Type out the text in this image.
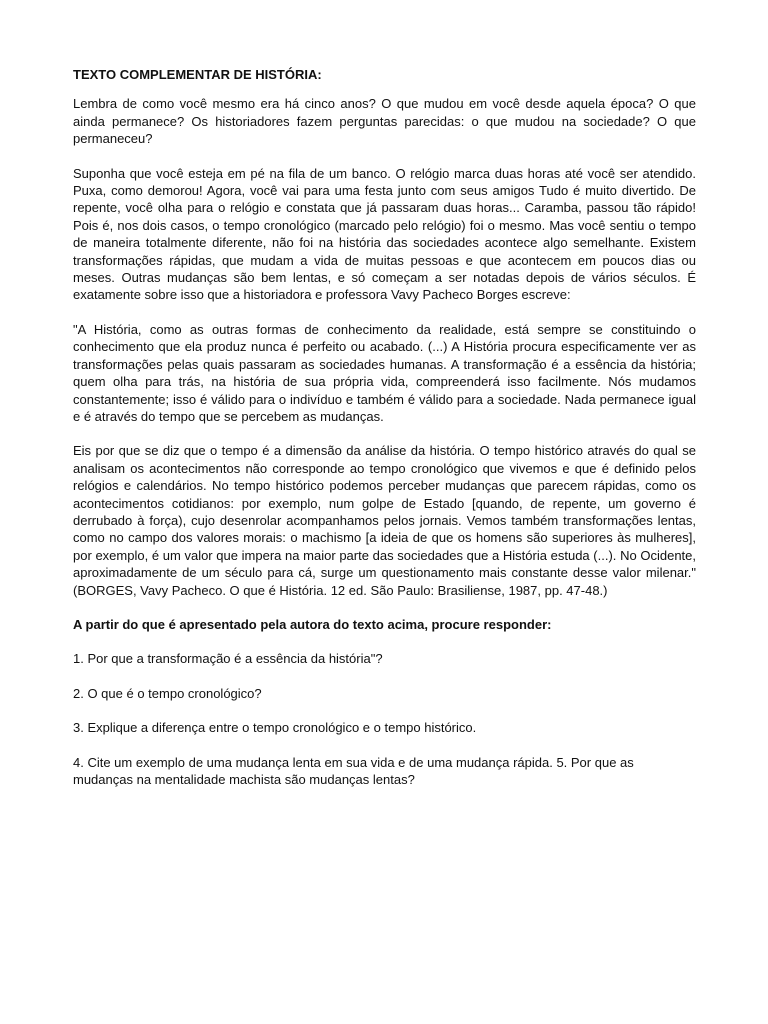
TEXTO COMPLEMENTAR DE HISTÓRIA:

Lembra de como você mesmo era há cinco anos? O que mudou em você desde aquela época? O que ainda permanece? Os historiadores fazem perguntas parecidas: o que mudou na sociedade? O que permaneceu?

Suponha que você esteja em pé na fila de um banco. O relógio marca duas horas até você ser atendido. Puxa, como demorou! Agora, você vai para uma festa junto com seus amigos Tudo é muito divertido. De repente, você olha para o relógio e constata que já passaram duas horas... Caramba, passou tão rápido! Pois é, nos dois casos, o tempo cronológico (marcado pelo relógio) foi o mesmo. Mas você sentiu o tempo de maneira totalmente diferente, não foi na história das sociedades acontece algo semelhante. Existem transformações rápidas, que mudam a vida de muitas pessoas e que acontecem em poucos dias ou meses. Outras mudanças são bem lentas, e só começam a ser notadas depois de vários séculos. É exatamente sobre isso que a historiadora e professora Vavy Pacheco Borges escreve:

"A História, como as outras formas de conhecimento da realidade, está sempre se constituindo o conhecimento que ela produz nunca é perfeito ou acabado. (...) A História procura especificamente ver as transformações pelas quais passaram as sociedades humanas. A transformação é a essência da história; quem olha para trás, na história de sua própria vida, compreenderá isso facilmente. Nós mudamos constantemente; isso é válido para o indivíduo e também é válido para a sociedade. Nada permanece igual e é através do tempo que se percebem as mudanças.

Eis por que se diz que o tempo é a dimensão da análise da história. O tempo histórico através do qual se analisam os acontecimentos não corresponde ao tempo cronológico que vivemos e que é definido pelos relógios e calendários. No tempo histórico podemos perceber mudanças que parecem rápidas, como os acontecimentos cotidianos: por exemplo, num golpe de Estado [quando, de repente, um governo é derrubado à força), cujo desenrolar acompanhamos pelos jornais. Vemos também transformações lentas, como no campo dos valores morais: o machismo [a ideia de que os homens são superiores às mulheres], por exemplo, é um valor que impera na maior parte das sociedades que a História estuda (...). No Ocidente, aproximadamente de um século para cá, surge um questionamento mais constante desse valor milenar." (BORGES, Vavy Pacheco. O que é História. 12 ed. São Paulo: Brasiliense, 1987, pp. 47-48.)

A partir do que é apresentado pela autora do texto acima, procure responder:
1. Por que a transformação é a essência da história"?
2. O que é o tempo cronológico?
3. Explique a diferença entre o tempo cronológico e o tempo histórico.
4. Cite um exemplo de uma mudança lenta em sua vida e de uma mudança rápida. 5. Por que as mudanças na mentalidade machista são mudanças lentas?
